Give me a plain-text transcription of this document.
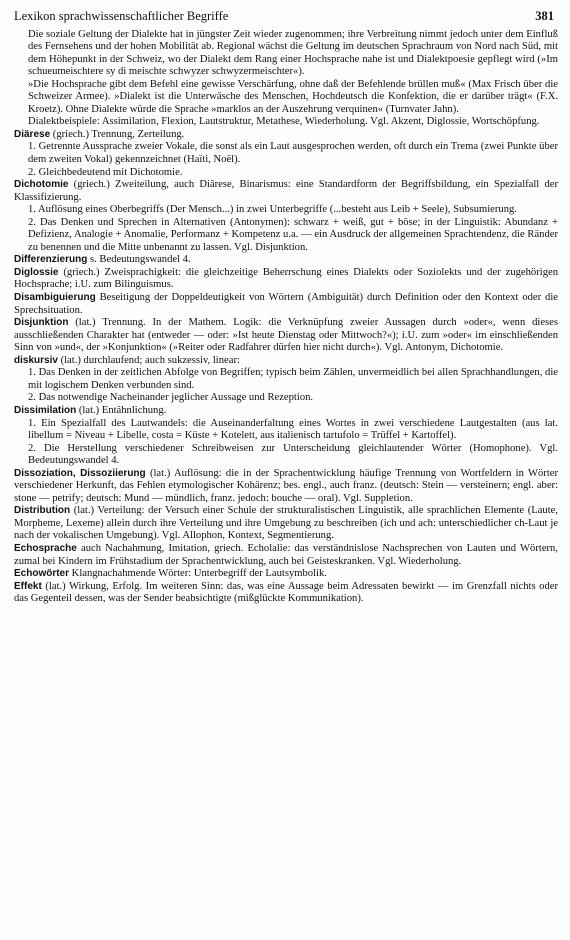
Lexikon sprachwissenschaftlicher Begriffe	381

Die soziale Geltung der Dialekte hat in jüngster Zeit wieder zugenommen; ihre Verbreitung nimmt jedoch unter dem Einfluß des Fernsehens und der hohen Mobilität ab. Regional wächst die Geltung im deutschen Sprachraum von Nord nach Süd, mit dem Höhepunkt in der Schweiz, wo der Dialekt dem Rang einer Hochsprache nahe ist und Dialektpoesie gepflegt wird (»Im schueumeischtere sy di meischte schwyzer schwyzermeischter«).

»Die Hochsprache gibt dem Befehl eine gewisse Verschärfung, ohne daß der Befehlende brüllen muß« (Max Frisch über die Schweizer Armee). »Dialekt ist die Unterwäsche des Menschen, Hochdeutsch die Konfektion, die er darüber trägt« (F.X. Kroetz). Ohne Dialekte würde die Sprache »marklos an der Auszehrung verquinen« (Turnvater Jahn).

Dialektbeispiele: Assimilation, Flexion, Lautstruktur, Metathese, Wiederholung. Vgl. Akzent, Diglossie, Wortschöpfung.

Diärese (griech.) Trennung, Zerteilung.

1. Getrennte Aussprache zweier Vokale, die sonst als ein Laut ausgesprochen werden, oft durch ein Trema (zwei Punkte über dem zweiten Vokal) gekennzeichnet (Haïti, Noël).

2. Gleichbedeutend mit Dichotomie.

Dichotomie (griech.) Zweiteilung, auch Diärese, Binarismus: eine Standardform der Begriffsbildung, ein Spezialfall der Klassifizierung.

1. Auflösung eines Oberbegriffs (Der Mensch...) in zwei Unterbegriffe (...besteht aus Leib + Seele), Subsumierung.

2. Das Denken und Sprechen in Alternativen (Antonymen): schwarz + weiß, gut + böse; in der Linguistik: Abundanz + Defizienz, Analogie + Anomalie, Performanz + Kompetenz u.a. — ein Ausdruck der allgemeinen Sprachtendenz, die Ränder zu benennen und die Mitte unbenannt zu lassen. Vgl. Disjunktion.

Differenzierung s. Bedeutungswandel 4.

Diglossie (griech.) Zweisprachigkeit: die gleichzeitige Beherrschung eines Dialekts oder Soziolekts und der zugehörigen Hochsprache; i.U. zum Bilinguismus.

Disambiguierung Beseitigung der Doppeldeutigkeit von Wörtern (Ambiguität) durch Definition oder den Kontext oder die Sprechsituation.

Disjunktion (lat.) Trennung. In der Mathem. Logik: die Verknüpfung zweier Aussagen durch »oder«, wenn dieses ausschließenden Charakter hat (entweder — oder: »Ist heute Dienstag oder Mittwoch?«); i.U. zum »oder« im einschließenden Sinn von »und«, der »Konjunktion« (»Reiter oder Radfahrer dürfen hier nicht durch«). Vgl. Antonym, Dichotomie.

diskursiv (lat.) durchlaufend; auch sukzessiv, linear:

1. Das Denken in der zeitlichen Abfolge von Begriffen; typisch beim Zählen, unvermeidlich bei allen Sprachhandlungen, die mit logischem Denken verbunden sind.

2. Das notwendige Nacheinander jeglicher Aussage und Rezeption.

Dissimilation (lat.) Entähnlichung.

1. Ein Spezialfall des Lautwandels: die Auseinanderfaltung eines Wortes in zwei verschiedene Lautgestalten (aus lat. libellum = Niveau + Libelle, costa = Küste + Kotelett, aus italienisch tartufolo = Trüffel + Kartoffel).

2. Die Herstellung verschiedener Schreibweisen zur Unterscheidung gleichlautender Wörter (Homophone). Vgl. Bedeutungswandel 4.

Dissoziation, Dissoziierung (lat.) Auflösung: die in der Sprachentwicklung häufige Trennung von Wortfeldern in Wörter verschiedener Herkunft, das Fehlen etymologischer Kohärenz; bes. engl., auch franz. (deutsch: Stein — versteinern; engl. aber: stone — petrify; deutsch: Mund — mündlich, franz. jedoch: bouche — oral). Vgl. Suppletion.

Distribution (lat.) Verteilung: der Versuch einer Schule der strukturalistischen Linguistik, alle sprachlichen Elemente (Laute, Morpheme, Lexeme) allein durch ihre Verteilung und ihre Umgebung zu beschreiben (ich und ach: unterschiedlicher ch-Laut je nach der vokalischen Umgebung). Vgl. Allophon, Kontext, Segmentierung.

Echosprache auch Nachahmung, Imitation, griech. Echolalie: das verständnislose Nachsprechen von Lauten und Wörtern, zumal bei Kindern im Frühstadium der Sprachentwicklung, auch bei Geisteskranken. Vgl. Wiederholung.

Echowörter Klangnachahmende Wörter: Unterbegriff der Lautsymbolik.

Effekt (lat.) Wirkung, Erfolg. Im weiteren Sinn: das, was eine Aussage beim Adressaten bewirkt — im Grenzfall nichts oder das Gegenteil dessen, was der Sender beabsichtigte (mißglückte Kommunikation).
